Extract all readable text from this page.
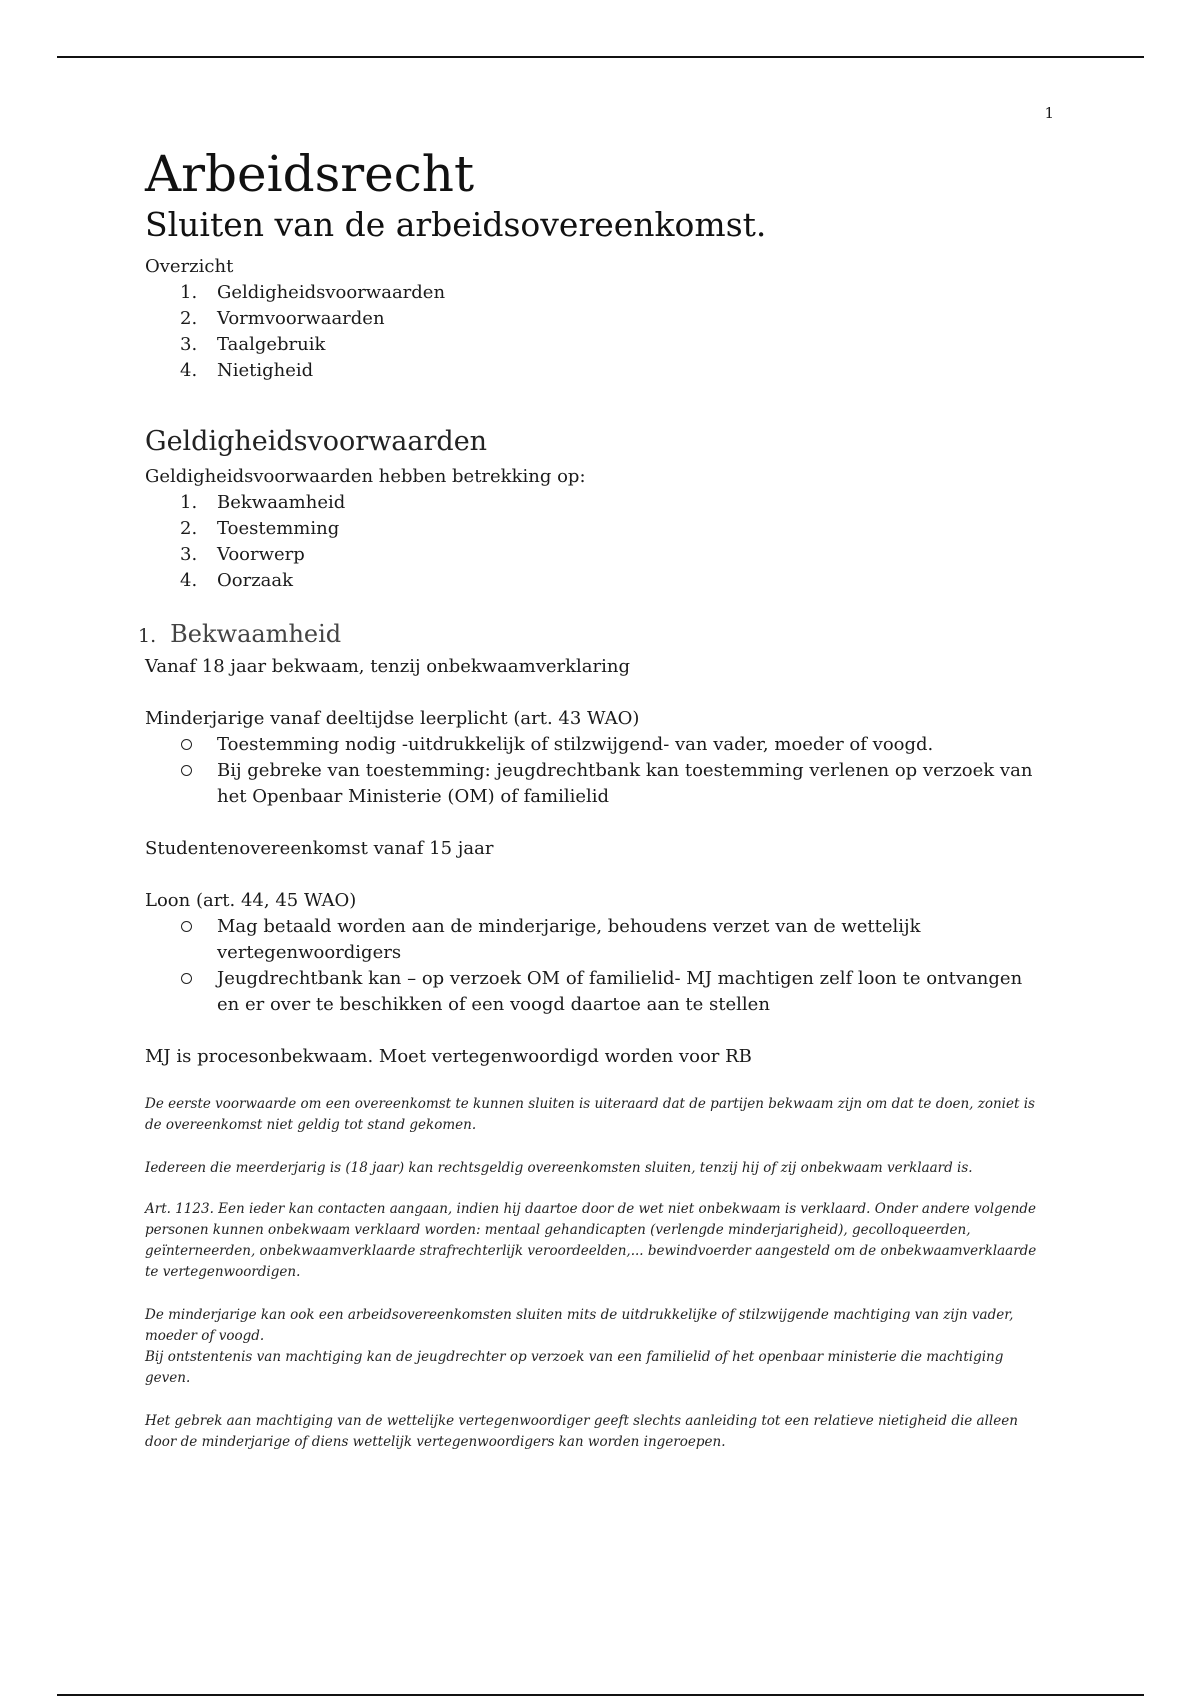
1
Arbeidsrecht
Sluiten van de arbeidsovereenkomst.

Overzicht

1.	Geldigheidsvoorwaarden
2.	Vormvoorwaarden
3.	Taalgebruik
4.	Nietigheid
Geldigheidsvoorwaarden

Geldigheidsvoorwaarden hebben betrekking op:

1.	Bekwaamheid
2.	Toestemming
3.	Voorwerp
4.	Oorzaak
1. Bekwaamheid

Vanaf 18 jaar bekwaam, tenzij onbekwaamverklaring

Minderjarige vanaf deeltijdse leerplicht (art. 43 WAO)

Toestemming nodig -uitdrukkelijk of stilzwijgend- van vader, moeder of voogd.
Bij gebreke van toestemming: jeugdrechtbank kan toestemming verlenen op verzoek van het Openbaar Ministerie (OM) of familielid

Studentenovereenkomst vanaf 15 jaar

Loon (art. 44, 45 WAO)

Mag betaald worden aan de minderjarige, behoudens verzet van de wettelijk vertegenwoordigers
Jeugdrechtbank kan – op verzoek OM of familielid- MJ machtigen zelf loon te ontvangen en er over te beschikken of een voogd daartoe aan te stellen

MJ is procesonbekwaam. Moet vertegenwoordigd worden voor RB

De eerste voorwaarde om een overeenkomst te kunnen sluiten is uiteraard dat de partijen bekwaam zijn om dat te doen, zoniet is de overeenkomst niet geldig tot stand gekomen.

Iedereen die meerderjarig is (18 jaar) kan rechtsgeldig overeenkomsten sluiten, tenzij hij of zij onbekwaam verklaard is.

Art. 1123. Een ieder kan contacten aangaan, indien hij daartoe door de wet niet onbekwaam is verklaard. Onder andere volgende personen kunnen onbekwaam verklaard worden: mentaal gehandicapten (verlengde minderjarigheid), gecolloqueerden, geïnterneerden, onbekwaamverklaarde strafrechterlijk veroordeelden,... bewindvoerder aangesteld om de onbekwaamverklaarde te vertegenwoordigen.

De minderjarige kan ook een arbeidsovereenkomsten sluiten mits de uitdrukkelijke of stilzwijgende machtiging van zijn vader, moeder of voogd.

Bij ontstentenis van machtiging kan de jeugdrechter op verzoek van een familielid of het openbaar ministerie die machtiging geven.

Het gebrek aan machtiging van de wettelijke vertegenwoordiger geeft slechts aanleiding tot een relatieve nietigheid die alleen door de minderjarige of diens wettelijk vertegenwoordigers kan worden ingeroepen.
